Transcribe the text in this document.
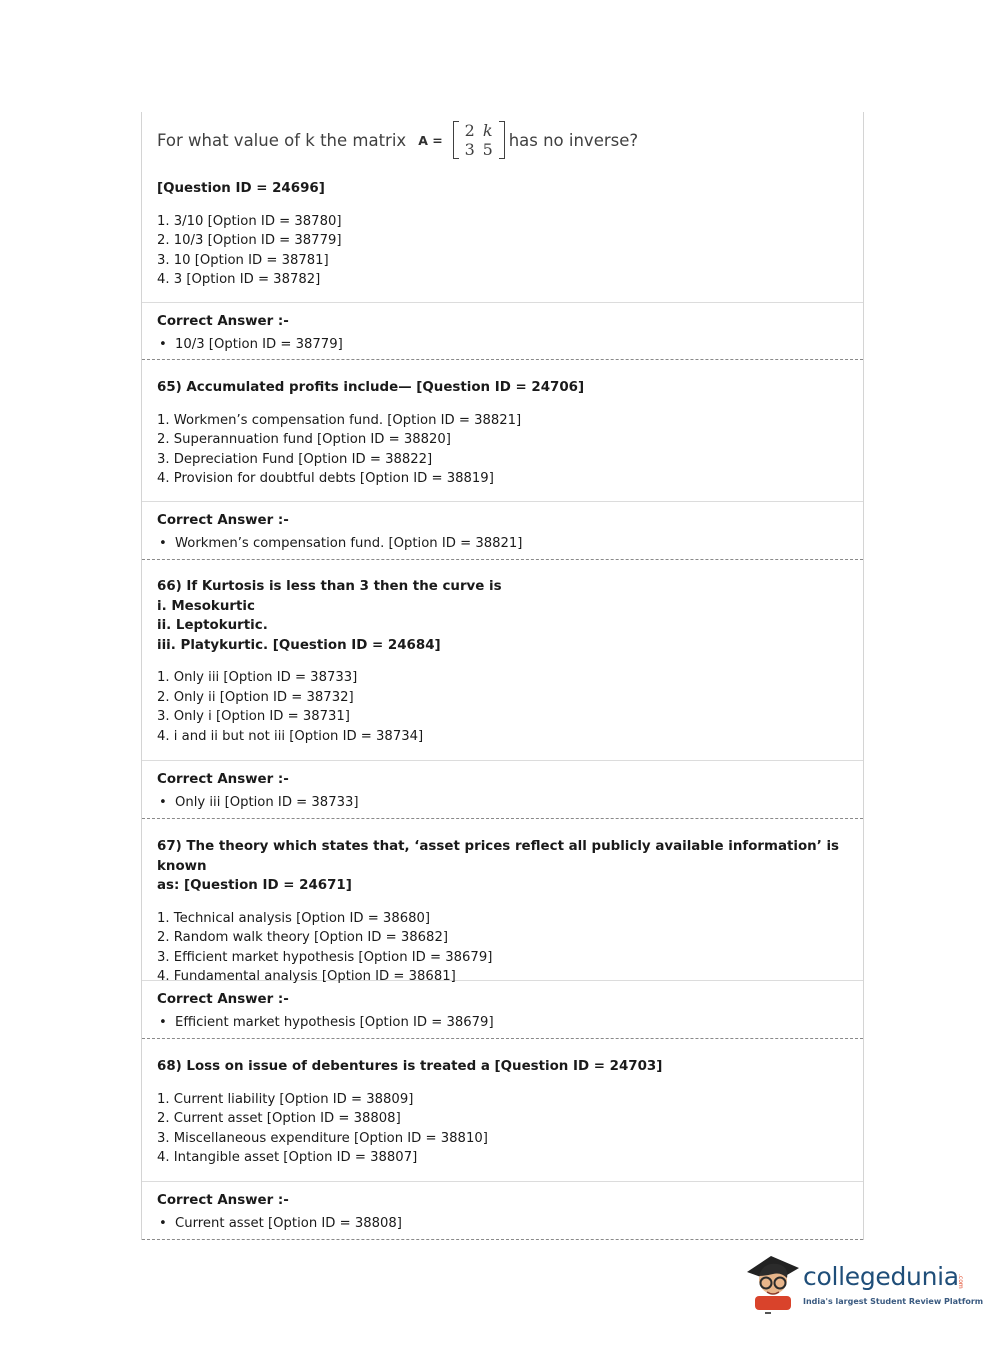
For what value of k the matrix A = 2 k
3 5 has no inverse?
[Question ID = 24696]
1. 3/10 [Option ID = 38780]
2. 10/3 [Option ID = 38779]
3. 10 [Option ID = 38781]
4. 3 [Option ID = 38782]
Correct Answer :-
• 10/3 [Option ID = 38779]
65) Accumulated profits include— [Question ID = 24706]
1. Workmen’s compensation fund. [Option ID = 38821]
2. Superannuation fund [Option ID = 38820]
3. Depreciation Fund [Option ID = 38822]
4. Provision for doubtful debts [Option ID = 38819]
Correct Answer :-
• Workmen’s compensation fund. [Option ID = 38821]
66) If Kurtosis is less than 3 then the curve is
i. Mesokurtic
ii. Leptokurtic.
iii. Platykurtic. [Question ID = 24684]
1. Only iii [Option ID = 38733]
2. Only ii [Option ID = 38732]
3. Only i [Option ID = 38731]
4. i and ii but not iii [Option ID = 38734]
Correct Answer :-
• Only iii [Option ID = 38733]
67) The theory which states that, ‘asset prices reflect all publicly available information’ is known
as: [Question ID = 24671]
1. Technical analysis [Option ID = 38680]
2. Random walk theory [Option ID = 38682]
3. Efficient market hypothesis [Option ID = 38679]
4. Fundamental analysis [Option ID = 38681]
Correct Answer :-
• Efficient market hypothesis [Option ID = 38679]
68) Loss on issue of debentures is treated a [Question ID = 24703]
1. Current liability [Option ID = 38809]
2. Current asset [Option ID = 38808]
3. Miscellaneous expenditure [Option ID = 38810]
4. Intangible asset [Option ID = 38807]
Correct Answer :-
• Current asset [Option ID = 38808]
collegedunia
.com
India's largest Student Review Platform
